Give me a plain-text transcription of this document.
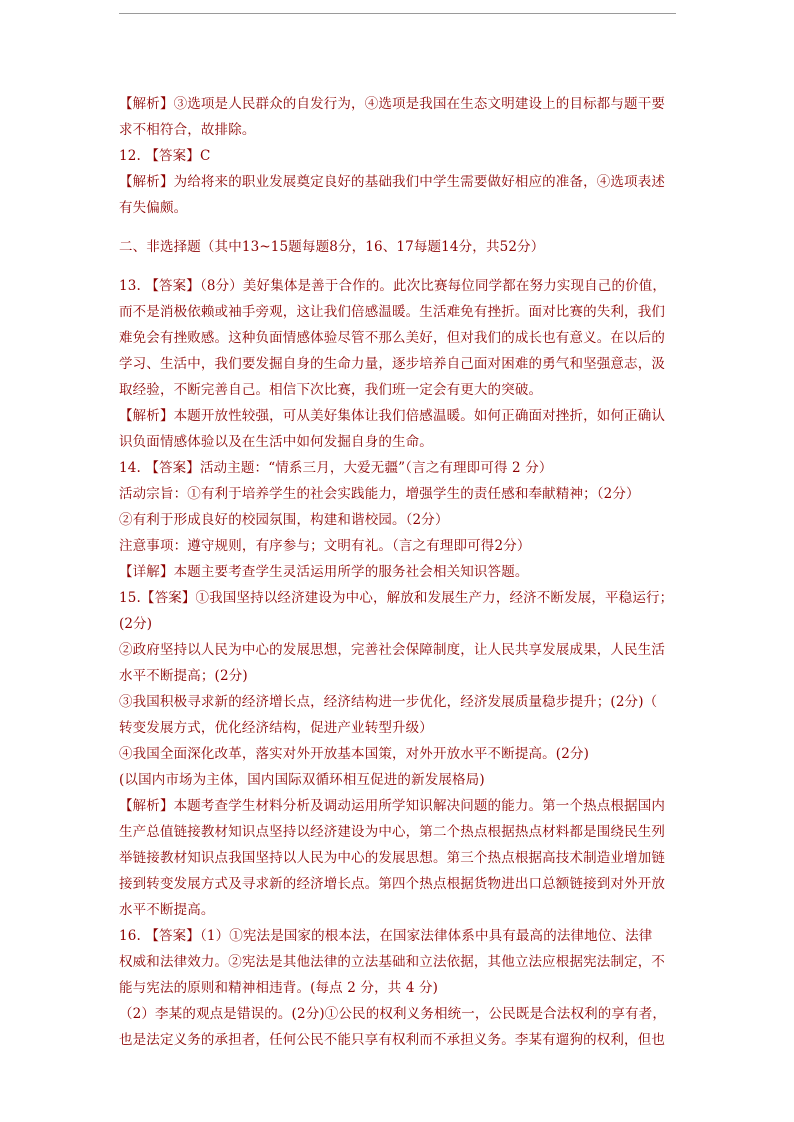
【解析】③选项是人民群众的自发行为，④选项是我国在生态文明建设上的目标都与题干要
求不相符合，故排除。
12. 【答案】C
【解析】为给将来的职业发展奠定良好的基础我们中学生需要做好相应的准备，④选项表述
有失偏颇。
二、非选择题（其中13~15题每题8分，16、17每题14分，共52分）
13. 【答案】（8分）美好集体是善于合作的。此次比赛每位同学都在努力实现自己的价值，
而不是消极依赖或袖手旁观，这让我们倍感温暖。生活难免有挫折。面对比赛的失利，我们
难免会有挫败感。这种负面情感体验尽管不那么美好，但对我们的成长也有意义。在以后的
学习、生活中，我们要发掘自身的生命力量，逐步培养自己面对困难的勇气和坚强意志，汲
取经验，不断完善自己。相信下次比赛，我们班一定会有更大的突破。
【解析】本题开放性较强，可从美好集体让我们倍感温暖。如何正确面对挫折，如何正确认
识负面情感体验以及在生活中如何发掘自身的生命。
14. 【答案】活动主题：“情系三月，大爱无疆”（言之有理即可得 2 分）
活动宗旨：①有利于培养学生的社会实践能力，增强学生的责任感和奉献精神；（2分）
②有利于形成良好的校园氛围，构建和谐校园。（2分）
注意事项：遵守规则，有序参与；文明有礼。（言之有理即可得2分）
【详解】本题主要考查学生灵活运用所学的服务社会相关知识答题。
15.【答案】①我国坚持以经济建设为中心，解放和发展生产力，经济不断发展，平稳运行；
(2分)
②政府坚持以人民为中心的发展思想，完善社会保障制度，让人民共享发展成果，人民生活
水平不断提高；(2分)
③我国积极寻求新的经济增长点，经济结构进一步优化，经济发展质量稳步提升；(2分)（
转变发展方式，优化经济结构，促进产业转型升级）
④我国全面深化改革，落实对外开放基本国策，对外开放水平不断提高。(2分)
(以国内市场为主体，国内国际双循环相互促进的新发展格局)
【解析】本题考查学生材料分析及调动运用所学知识解决问题的能力。第一个热点根据国内
生产总值链接教材知识点坚持以经济建设为中心，第二个热点根据热点材料都是围绕民生列
举链接教材知识点我国坚持以人民为中心的发展思想。第三个热点根据高技术制造业增加链
接到转变发展方式及寻求新的经济增长点。第四个热点根据货物进出口总额链接到对外开放
水平不断提高。
16. 【答案】（1）①宪法是国家的根本法，在国家法律体系中具有最高的法律地位、法律
权威和法律效力。②宪法是其他法律的立法基础和立法依据，其他立法应根据宪法制定，不
能与宪法的原则和精神相违背。(每点 2 分，共 4 分)
（2）李某的观点是错误的。(2分)①公民的权利义务相统一，公民既是合法权利的享有者，
也是法定义务的承担者，任何公民不能只享有权利而不承担义务。李某有遛狗的权利，但也
